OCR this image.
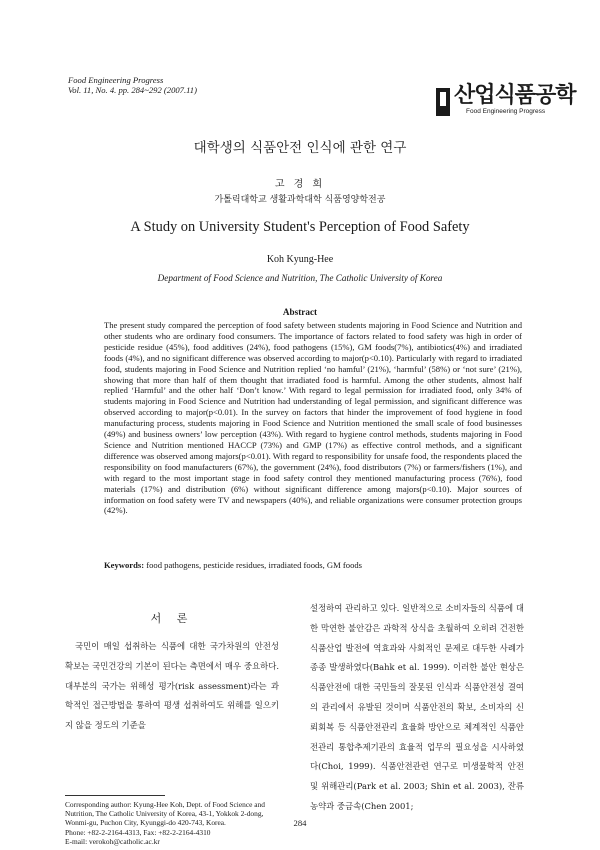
Food Engineering Progress
Vol. 11, No. 4. pp. 284~292 (2007.11)	산업식품공학
Food Engineering Progress
대학생의 식품안전 인식에 관한 연구
고 경 희
가톨릭대학교 생활과학대학 식품영양학전공
A Study on University Student's Perception of Food Safety
Koh Kyung-Hee
Department of Food Science and Nutrition, The Catholic University of Korea
Abstract
The present study compared the perception of food safety between students majoring in Food Science and Nutrition and other students who are ordinary food consumers. The importance of factors related to food safety was high in order of pesticide residue (45%), food additives (24%), food pathogens (15%), GM foods(7%), antibiotics(4%) and irradiated foods (4%), and no significant difference was observed according to major(p<0.10). Particularly with regard to irradiated food, students majoring in Food Science and Nutrition replied ‘no hamful’ (21%), ‘harmful’ (58%) or ‘not sure’ (21%), showing that more than half of them thought that irradiated food is harmful. Among the other students, almost half replied ‘Harmful’ and the other half ‘Don’t know.’ With regard to legal permission for irradiated food, only 34% of students majoring in Food Science and Nutrition had understanding of legal permission, and significant difference was observed according to major(p<0.01). In the survey on factors that hinder the improvement of food hygiene in food manufacturing process, students majoring in Food Science and Nutrition mentioned the small scale of food businesses (49%) and business owners’ low perception (43%). With regard to hygiene control methods, students majoring in Food Science and Nutrition mentioned HACCP (73%) and GMP (17%) as effective control methods, and a significant difference was observed among majors(p<0.01). With regard to responsibility for unsafe food, the respondents placed the responsibility on food manufacturers (67%), the government (24%), food distributors (7%) or farmers/fishers (1%), and with regard to the most important stage in food safety control they mentioned manufacturing process (76%), food materials (17%) and distribution (6%) without significant difference among majors(p<0.10). Major sources of information on food safety were TV and newspapers (40%), and reliable organizations were consumer protection groups (42%).
Keywords: food pathogens, pesticide residues, irradiated foods, GM foods
서 론
국민이 매일 섭취하는 식품에 대한 국가차원의 안전성 확보는 국민건강의 기본이 된다는 측면에서 매우 중요하다. 대부분의 국가는 위해성 평가(risk assessment)라는 과학적인 접근방법을 통하여 평생 섭취하여도 위해를 일으키지 않을 정도의 기준을
설정하여 관리하고 있다. 일반적으로 소비자들의 식품에 대한 막연한 불안감은 과학적 상식을 초월하여 오히려 건전한 식품산업 발전에 역효과와 사회적인 문제로 대두한 사례가 종종 발생하였다(Bahk et al. 1999). 이러한 불안 현상은 식품안전에 대한 국민들의 잘못된 인식과 식품안전성 결여의 관리에서 유발된 것이며 식품안전의 확보, 소비자의 신뢰회복 등 식품안전관리 효율화 방안으로 체계적인 식품안전관리 통합추제기관의 효율적 업무의 필요성을 시사하였다(Choi, 1999). 식품안전관련 연구로 미생물학적 안전 및 위해관리(Park et al. 2003; Shin et al. 2003), 잔류농약과 중금속(Chen 2001;
Corresponding author: Kyung-Hee Koh, Dept. of Food Science and Nutrition, The Catholic University of Korea, 43-1, Yokkok 2-dong, Wonmi-gu, Puchon City, Kyunggi-do 420-743, Korea.
Phone: +82-2-2164-4313, Fax: +82-2-2164-4310
E-mail: verokoh@catholic.ac.kr
284
